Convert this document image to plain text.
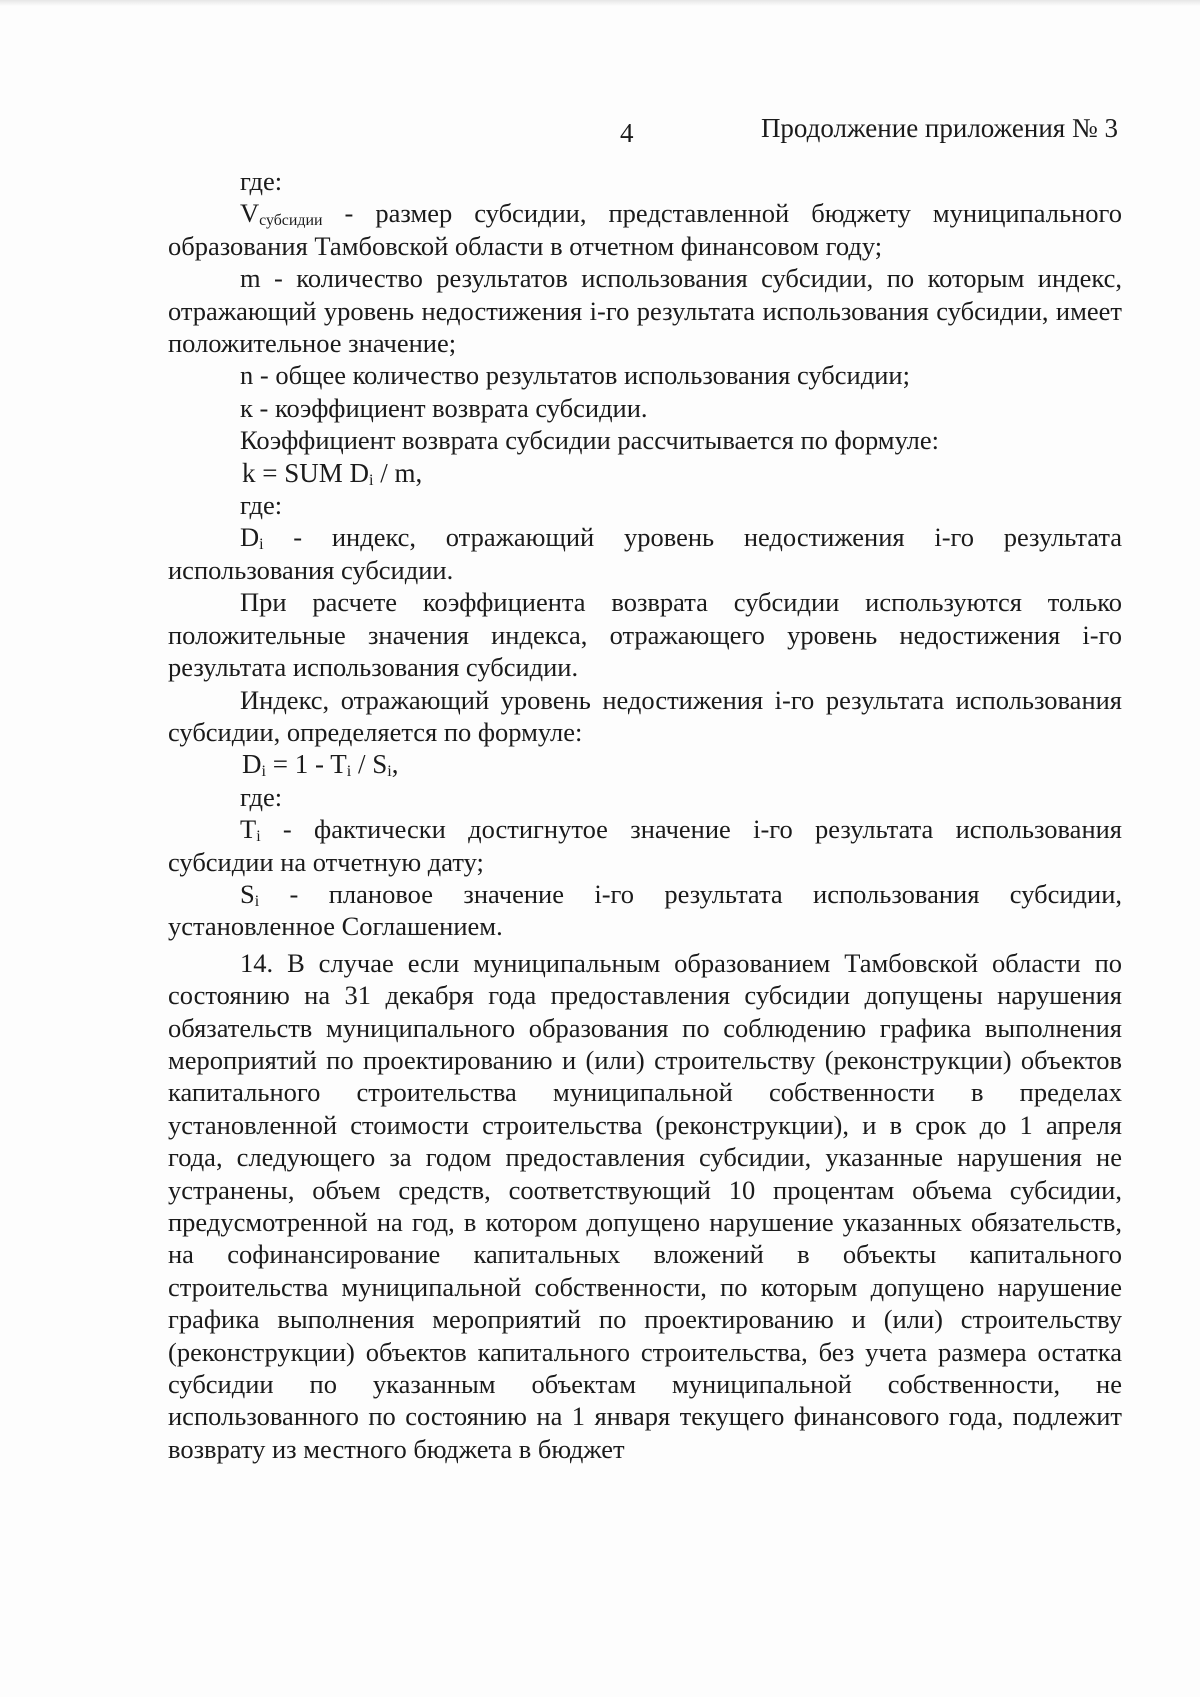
4	Продолжение приложения № 3

где:

$V_{субсидии}$ - размер субсидии, представленной бюджету муниципального образования Тамбовской области в отчетном финансовом году;

m - количество результатов использования субсидии, по которым индекс, отражающий уровень недостижения i-го результата использования субсидии, имеет положительное значение;

n - общее количество результатов использования субсидии;

к - коэффициент возврата субсидии.

Коэффициент возврата субсидии рассчитывается по формуле:

k = SUM $D_i$ / m,

где:

$D_i$ - индекс, отражающий уровень недостижения i-го результата использования субсидии.

При расчете коэффициента возврата субсидии используются только положительные значения индекса, отражающего уровень недостижения i-го результата использования субсидии.

Индекс, отражающий уровень недостижения i-го результата использования субсидии, определяется по формуле:

$D_i = 1 - T_i / S_i$,

где:

$T_i$ - фактически достигнутое значение i-го результата использования субсидии на отчетную дату;

$S_i$ - плановое значение i-го результата использования субсидии, установленное Соглашением.

14. В случае если муниципальным образованием Тамбовской области по состоянию на 31 декабря года предоставления субсидии допущены нарушения обязательств муниципального образования по соблюдению графика выполнения мероприятий по проектированию и (или) строительству (реконструкции) объектов капитального строительства муниципальной собственности в пределах установленной стоимости строительства (реконструкции), и в срок до 1 апреля года, следующего за годом предоставления субсидии, указанные нарушения не устранены, объем средств, соответствующий 10 процентам объема субсидии, предусмотренной на год, в котором допущено нарушение указанных обязательств, на софинансирование капитальных вложений в объекты капитального строительства муниципальной собственности, по которым допущено нарушение графика выполнения мероприятий по проектированию и (или) строительству (реконструкции) объектов капитального строительства, без учета размера остатка субсидии по указанным объектам муниципальной собственности, не использованного по состоянию на 1 января текущего финансового года, подлежит возврату из местного бюджета в бюджет
